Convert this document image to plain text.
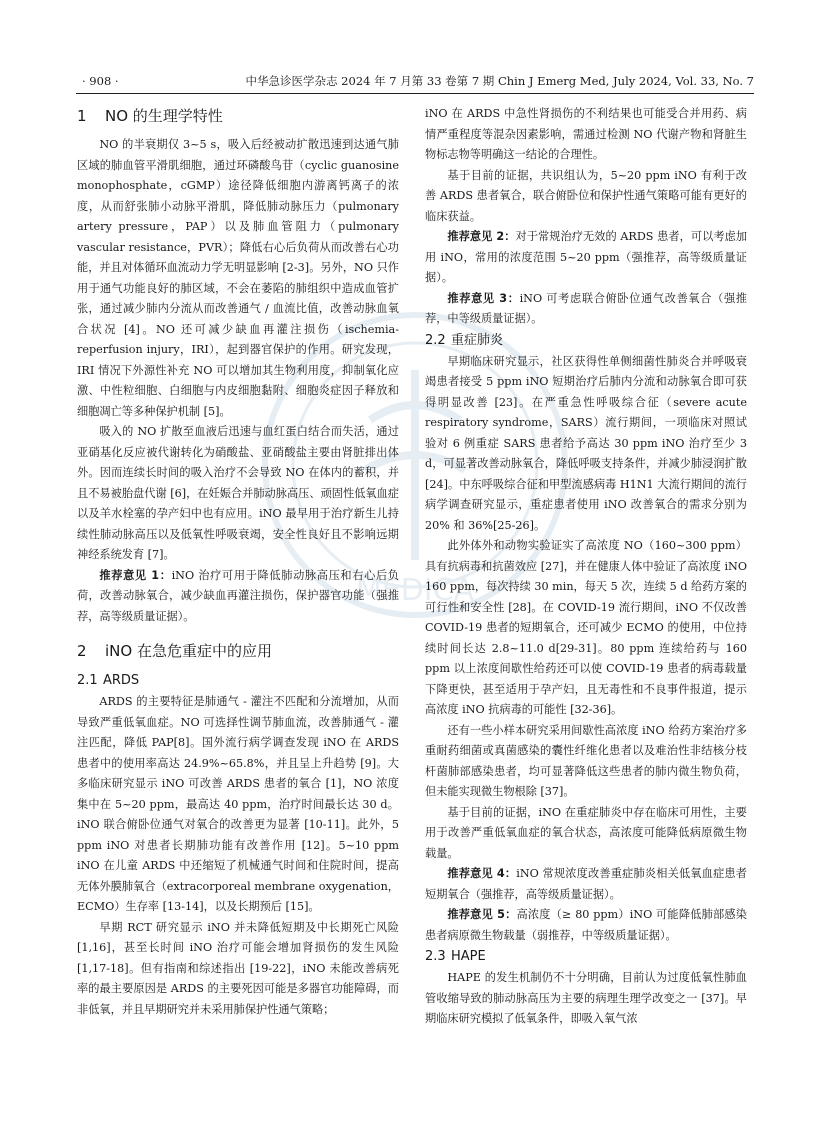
· 908 ·	中华急诊医学杂志 2024 年 7 月第 33 卷第 7 期 Chin J Emerg Med, July 2024, Vol. 33, No. 7
MEDICA
1 NO 的生理学特性

NO 的半衰期仅 3~5 s，吸入后经被动扩散迅速到达通气肺区域的肺血管平滑肌细胞，通过环磷酸鸟苷（cyclic guanosine monophosphate，cGMP）途径降低细胞内游离钙离子的浓度，从而舒张肺小动脉平滑肌，降低肺动脉压力（pulmonary artery pressure，PAP）以及肺血管阻力（pulmonary vascular resistance，PVR）；降低右心后负荷从而改善右心功能，并且对体循环血流动力学无明显影响 [2-3]。另外，NO 只作用于通气功能良好的肺区域，不会在萎陷的肺组织中造成血管扩张，通过减少肺内分流从而改善通气 / 血流比值，改善动脉血氧合状况 [4]。NO 还可减少缺血再灌注损伤（ischemia-reperfusion injury，IRI），起到器官保护的作用。研究发现，IRI 情况下外源性补充 NO 可以增加其生物利用度，抑制氧化应激、中性粒细胞、白细胞与内皮细胞黏附、细胞炎症因子释放和细胞凋亡等多种保护机制 [5]。

吸入的 NO 扩散至血液后迅速与血红蛋白结合而失活，通过亚硝基化反应被代谢转化为硝酸盐、亚硝酸盐主要由肾脏排出体外。因而连续长时间的吸入治疗不会导致 NO 在体内的蓄积，并且不易被胎盘代谢 [6]，在妊娠合并肺动脉高压、顽固性低氧血症以及羊水栓塞的孕产妇中也有应用。iNO 最早用于治疗新生儿持续性肺动脉高压以及低氧性呼吸衰竭，安全性良好且不影响远期神经系统发育 [7]。

推荐意见 1：iNO 治疗可用于降低肺动脉高压和右心后负荷，改善动脉氧合，减少缺血再灌注损伤，保护器官功能（强推荐，高等级质量证据）。

2 iNO 在急危重症中的应用
2.1 ARDS

ARDS 的主要特征是肺通气 - 灌注不匹配和分流增加，从而导致严重低氧血症。NO 可选择性调节肺血流，改善肺通气 - 灌注匹配，降低 PAP[8]。国外流行病学调查发现 iNO 在 ARDS 患者中的使用率高达 24.9%~65.8%，并且呈上升趋势 [9]。大多临床研究显示 iNO 可改善 ARDS 患者的氧合 [1]，NO 浓度集中在 5~20 ppm，最高达 40 ppm，治疗时间最长达 30 d。iNO 联合俯卧位通气对氧合的改善更为显著 [10-11]。此外，5 ppm iNO 对患者长期肺功能有改善作用 [12]。5~10 ppm iNO 在儿童 ARDS 中还缩短了机械通气时间和住院时间，提高无体外膜肺氧合（extracorporeal membrane oxygenation，ECMO）生存率 [13-14]，以及长期预后 [15]。

早期 RCT 研究显示 iNO 并未降低短期及中长期死亡风险 [1,16]，甚至长时间 iNO 治疗可能会增加肾损伤的发生风险 [1,17-18]。但有指南和综述指出 [19-22]，iNO 未能改善病死率的最主要原因是 ARDS 的主要死因可能是多器官功能障碍，而非低氧，并且早期研究并未采用肺保护性通气策略；

iNO 在 ARDS 中急性肾损伤的不利结果也可能受合并用药、病情严重程度等混杂因素影响，需通过检测 NO 代谢产物和肾脏生物标志物等明确这一结论的合理性。

基于目前的证据，共识组认为，5~20 ppm iNO 有利于改善 ARDS 患者氧合，联合俯卧位和保护性通气策略可能有更好的临床获益。

推荐意见 2：对于常规治疗无效的 ARDS 患者，可以考虑加用 iNO，常用的浓度范围 5~20 ppm（强推荐，高等级质量证据）。

推荐意见 3：iNO 可考虑联合俯卧位通气改善氧合（强推荐，中等级质量证据）。

2.2 重症肺炎

早期临床研究显示，社区获得性单侧细菌性肺炎合并呼吸衰竭患者接受 5 ppm iNO 短期治疗后肺内分流和动脉氧合即可获得明显改善 [23]。在严重急性呼吸综合征（severe acute respiratory syndrome，SARS）流行期间，一项临床对照试验对 6 例重症 SARS 患者给予高达 30 ppm iNO 治疗至少 3 d，可显著改善动脉氧合，降低呼吸支持条件，并减少肺浸润扩散 [24]。中东呼吸综合征和甲型流感病毒 H1N1 大流行期间的流行病学调查研究显示，重症患者使用 iNO 改善氧合的需求分别为 20% 和 36%[25-26]。

此外体外和动物实验证实了高浓度 NO（160~300 ppm）具有抗病毒和抗菌效应 [27]，并在健康人体中验证了高浓度 iNO 160 ppm，每次持续 30 min，每天 5 次，连续 5 d 给药方案的可行性和安全性 [28]。在 COVID-19 流行期间，iNO 不仅改善 COVID-19 患者的短期氧合，还可减少 ECMO 的使用，中位持续时间长达 2.8~11.0 d[29-31]。80 ppm 连续给药与 160 ppm 以上浓度间歇性给药还可以使 COVID-19 患者的病毒载量下降更快，甚至适用于孕产妇，且无毒性和不良事件报道，提示高浓度 iNO 抗病毒的可能性 [32-36]。

还有一些小样本研究采用间歇性高浓度 iNO 给药方案治疗多重耐药细菌或真菌感染的囊性纤维化患者以及难治性非结核分枝杆菌肺部感染患者，均可显著降低这些患者的肺内微生物负荷，但未能实现微生物根除 [37]。

基于目前的证据，iNO 在重症肺炎中存在临床可用性，主要用于改善严重低氧血症的氧合状态，高浓度可能降低病原微生物载量。

推荐意见 4：iNO 常规浓度改善重症肺炎相关低氧血症患者短期氧合（强推荐，高等级质量证据）。

推荐意见 5：高浓度（≥ 80 ppm）iNO 可能降低肺部感染患者病原微生物载量（弱推荐，中等级质量证据）。

2.3 HAPE

HAPE 的发生机制仍不十分明确，目前认为过度低氧性肺血管收缩导致的肺动脉高压为主要的病理生理学改变之一 [37]。早期临床研究模拟了低氧条件，即吸入氧气浓
